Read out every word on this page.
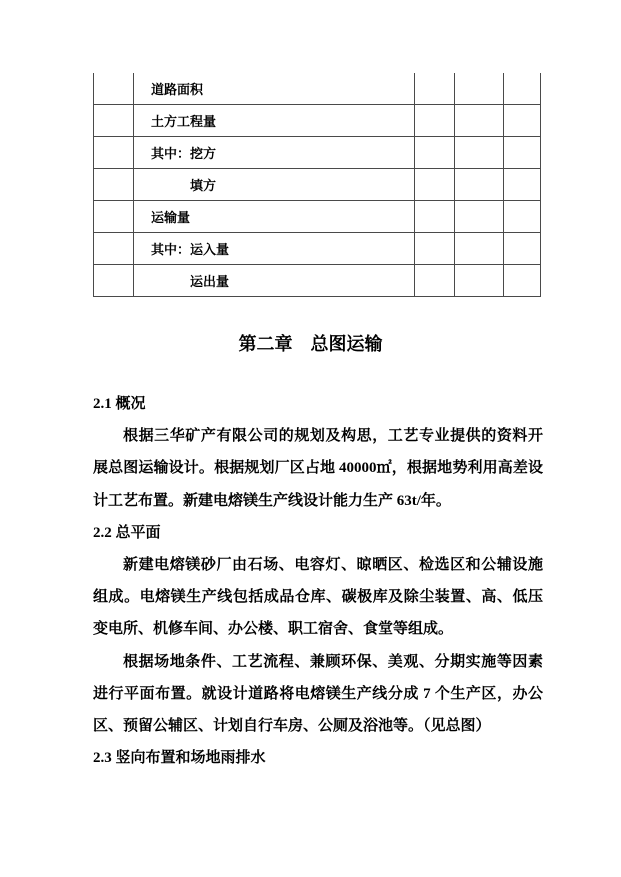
	道路面积			
	土方工程量			
	其中：挖方			
	填方			
	运输量			
	其中：运入量			
	运出量			
第二章　总图运输
2.1 概况
根据三华矿产有限公司的规划及构思，工艺专业提供的资料开
展总图运输设计。根据规划厂区占地 40000㎡，根据地势利用高差设
计工艺布置。新建电熔镁生产线设计能力生产 63t/年。
2.2 总平面
新建电熔镁砂厂由石场、电容灯、晾晒区、检选区和公辅设施
组成。电熔镁生产线包括成品仓库、碳极库及除尘装置、高、低压
变电所、机修车间、办公楼、职工宿舍、食堂等组成。
根据场地条件、工艺流程、兼顾环保、美观、分期实施等因素
进行平面布置。就设计道路将电熔镁生产线分成 7 个生产区，办公
区、预留公辅区、计划自行车房、公厕及浴池等。（见总图）
2.3 竖向布置和场地雨排水
